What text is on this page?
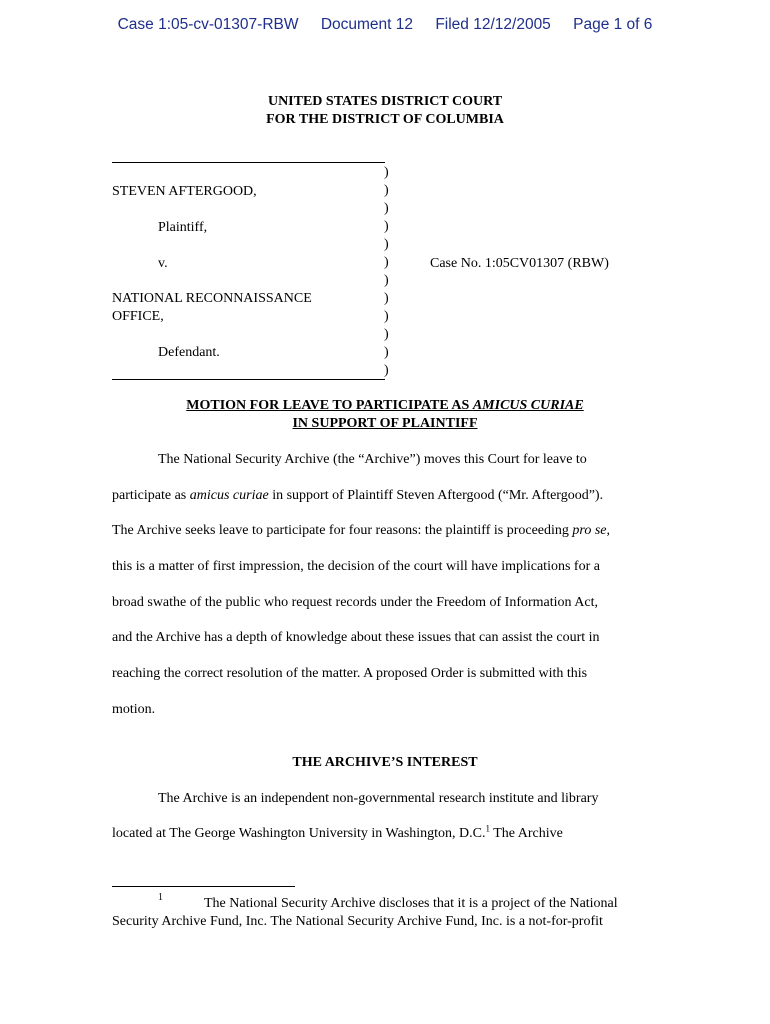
Case 1:05-cv-01307-RBW Document 12 Filed 12/12/2005 Page 1 of 6
UNITED STATES DISTRICT COURT
FOR THE DISTRICT OF COLUMBIA
)
)
)
)
)
)
)
)
)
)
)
)
STEVEN AFTERGOOD,
Plaintiff,
v.	Case No. 1:05CV01307 (RBW)
NATIONAL RECONNAISSANCE
OFFICE,
Defendant.
MOTION FOR LEAVE TO PARTICIPATE AS AMICUS CURIAE
IN SUPPORT OF PLAINTIFF
The National Security Archive (the “Archive”) moves this Court for leave to
participate as amicus curiae in support of Plaintiff Steven Aftergood (“Mr. Aftergood”).
The Archive seeks leave to participate for four reasons: the plaintiff is proceeding pro se,
this is a matter of first impression, the decision of the court will have implications for a
broad swathe of the public who request records under the Freedom of Information Act,
and the Archive has a depth of knowledge about these issues that can assist the court in
reaching the correct resolution of the matter. A proposed Order is submitted with this
motion.
THE ARCHIVE’S INTEREST
The Archive is an independent non-governmental research institute and library
located at The George Washington University in Washington, D.C.$^1$ The Archive
1	The National Security Archive discloses that it is a project of the National
Security Archive Fund, Inc. The National Security Archive Fund, Inc. is a not-for-profit
